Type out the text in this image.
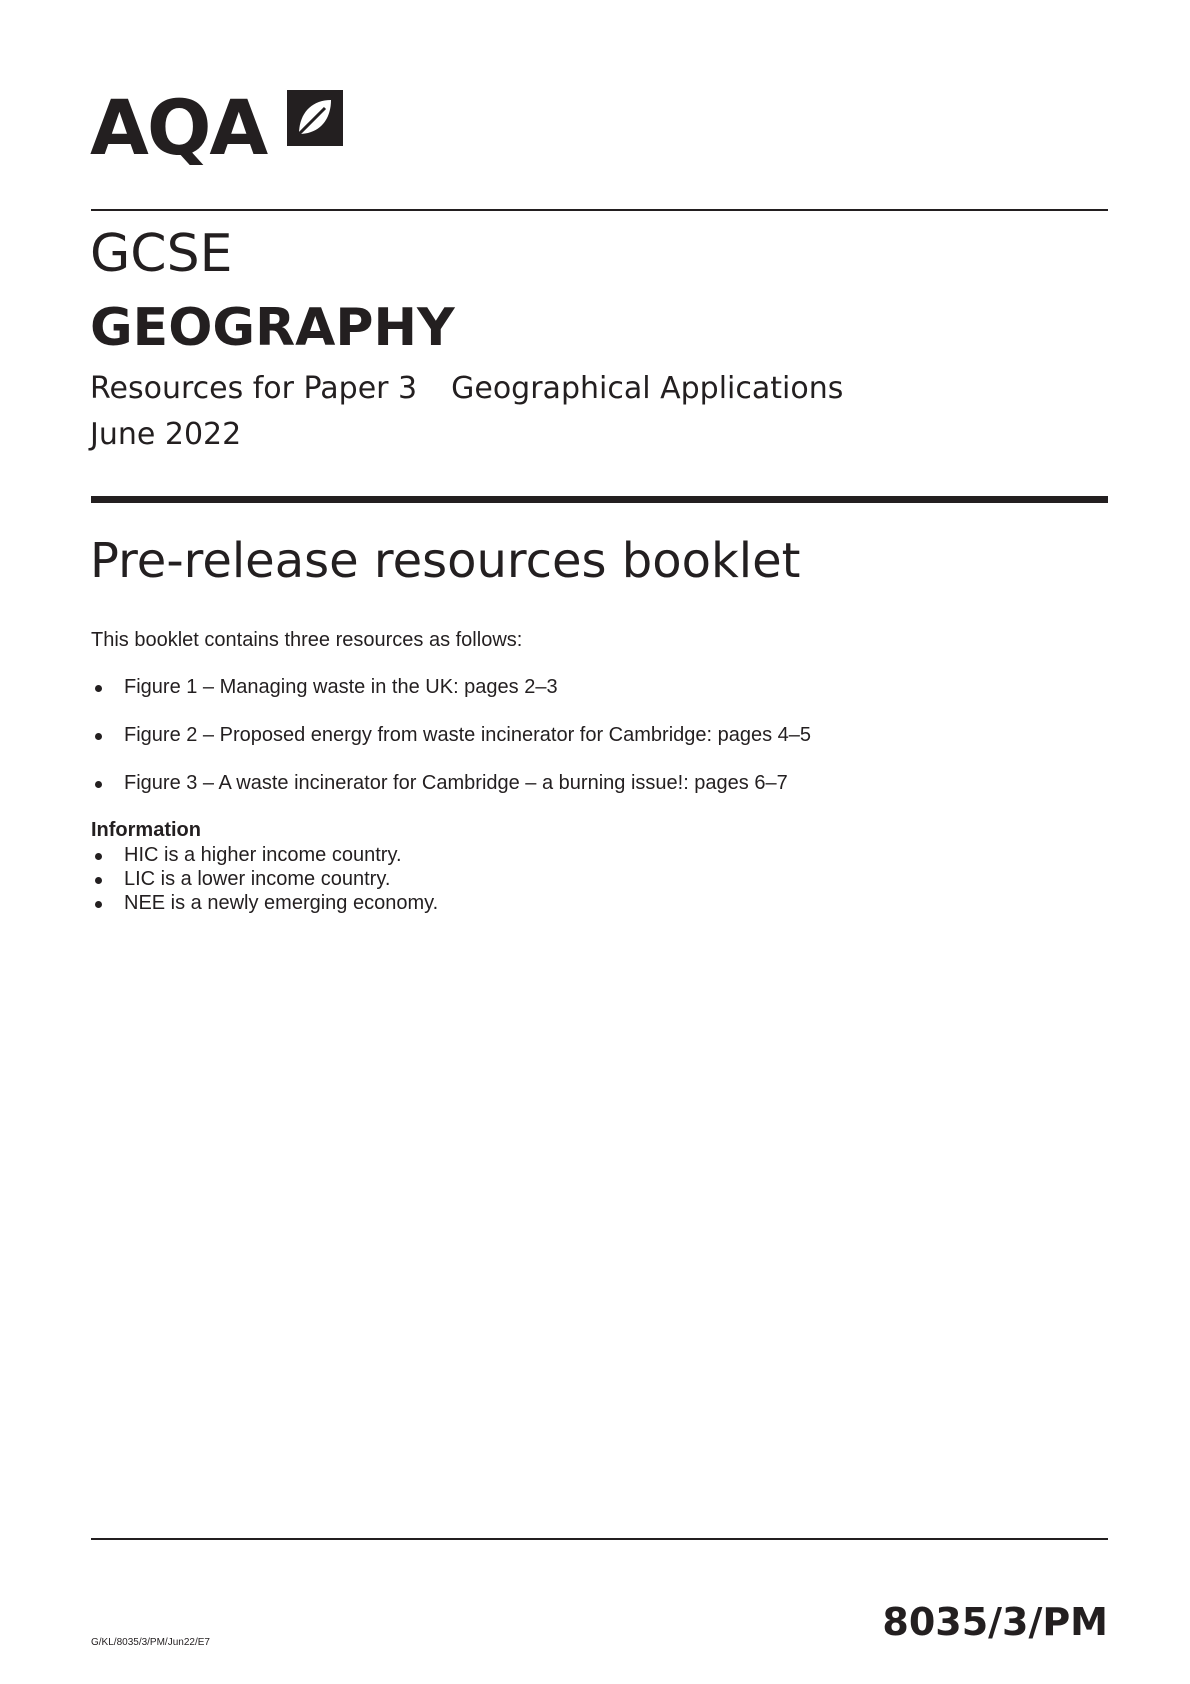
AQA
GCSE
GEOGRAPHY
Resources for Paper 3 Geographical Applications
June 2022
Pre-release resources booklet
This booklet contains three resources as follows:
Figure 1 – Managing waste in the UK: pages 2–3
Figure 2 – Proposed energy from waste incinerator for Cambridge: pages 4–5
Figure 3 – A waste incinerator for Cambridge – a burning issue!: pages 6–7
Information
HIC is a higher income country.
LIC is a lower income country.
NEE is a newly emerging economy.
G/KL/8035/3/PM/Jun22/E7	8035/3/PM
